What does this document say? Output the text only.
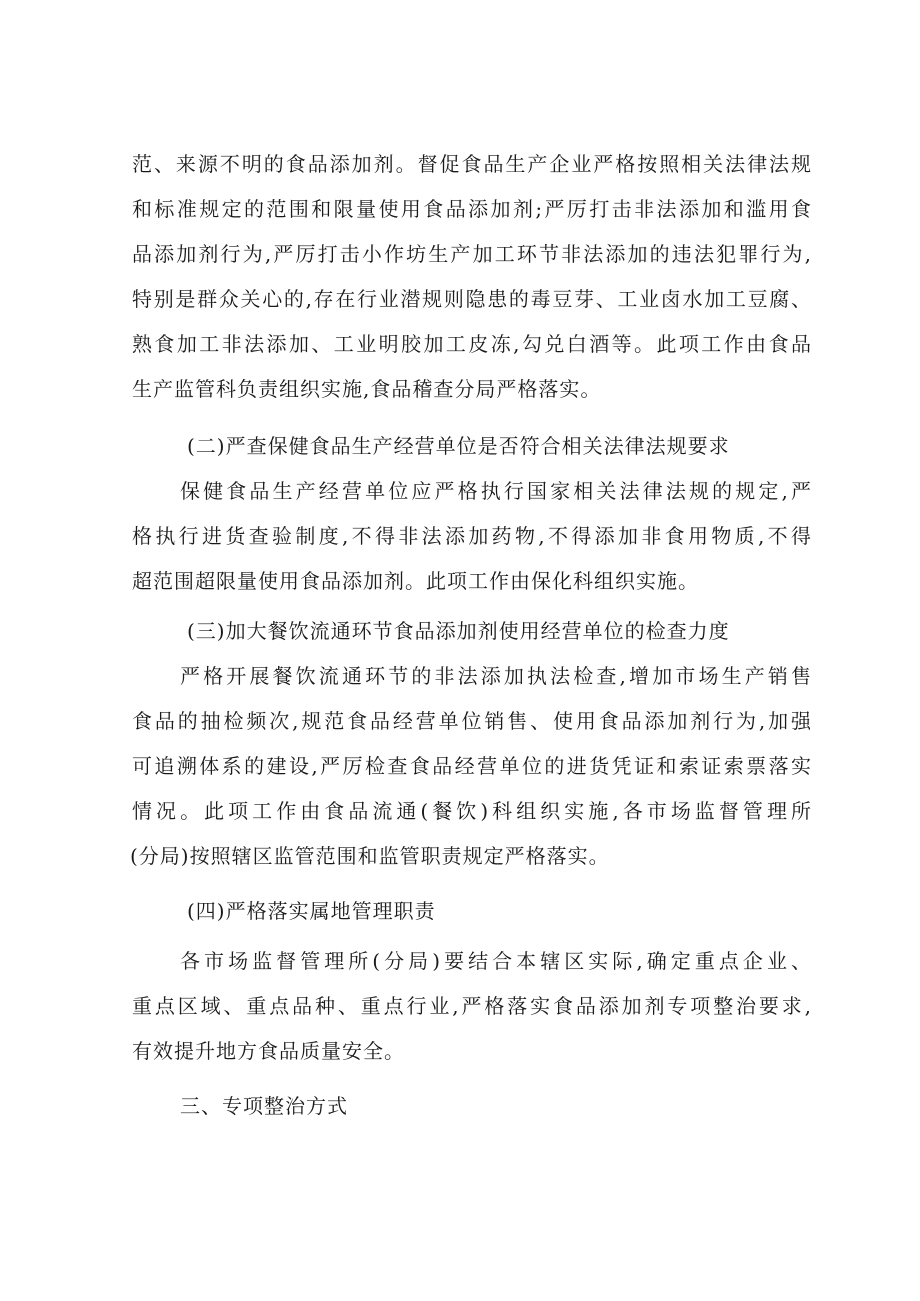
范、来源不明的食品添加剂。督促食品生产企业严格按照相关法律法规
和标准规定的范围和限量使用食品添加剂;严厉打击非法添加和滥用食
品添加剂行为,严厉打击小作坊生产加工环节非法添加的违法犯罪行为,
特别是群众关心的,存在行业潜规则隐患的毒豆芽、工业卤水加工豆腐、
熟食加工非法添加、工业明胶加工皮冻,勾兑白酒等。此项工作由食品
生产监管科负责组织实施,食品稽查分局严格落实。
(二)严查保健食品生产经营单位是否符合相关法律法规要求
保健食品生产经营单位应严格执行国家相关法律法规的规定,严
格执行进货查验制度,不得非法添加药物,不得添加非食用物质,不得
超范围超限量使用食品添加剂。此项工作由保化科组织实施。
(三)加大餐饮流通环节食品添加剂使用经营单位的检查力度
严格开展餐饮流通环节的非法添加执法检查,增加市场生产销售
食品的抽检频次,规范食品经营单位销售、使用食品添加剂行为,加强
可追溯体系的建设,严厉检查食品经营单位的进货凭证和索证索票落实
情况。此项工作由食品流通(餐饮)科组织实施,各市场监督管理所
(分局)按照辖区监管范围和监管职责规定严格落实。
(四)严格落实属地管理职责
各市场监督管理所(分局)要结合本辖区实际,确定重点企业、
重点区域、重点品种、重点行业,严格落实食品添加剂专项整治要求,
有效提升地方食品质量安全。
三、专项整治方式
